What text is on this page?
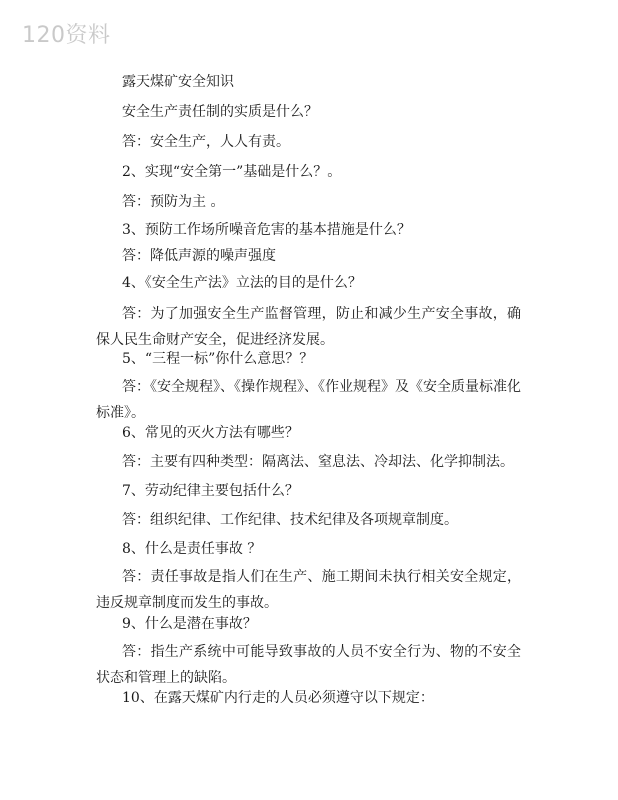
120资料
露天煤矿安全知识
安全生产责任制的实质是什么？
答：安全生产，人人有责。
2、实现“安全第一”基础是什么？。
答：预防为主 。
3、预防工作场所噪音危害的基本措施是什么？
答：降低声源的噪声强度
4、《安全生产法》立法的目的是什么？
答：为了加强安全生产监督管理，防止和减少生产安全事故，确保人民生命财产安全，促进经济发展。
5、“三程一标”你什么意思？？
答：《安全规程》、《操作规程》、《作业规程》及《安全质量标准化标准》。
6、常见的灭火方法有哪些？
答：主要有四种类型：隔离法、窒息法、冷却法、化学抑制法。
7、劳动纪律主要包括什么？
答：组织纪律、工作纪律、技术纪律及各项规章制度。
8、什么是责任事故 ？
答：责任事故是指人们在生产、施工期间未执行相关安全规定，违反规章制度而发生的事故。
9、什么是潜在事故？
答：指生产系统中可能导致事故的人员不安全行为、物的不安全状态和管理上的缺陷。
10、在露天煤矿内行走的人员必须遵守以下规定：
